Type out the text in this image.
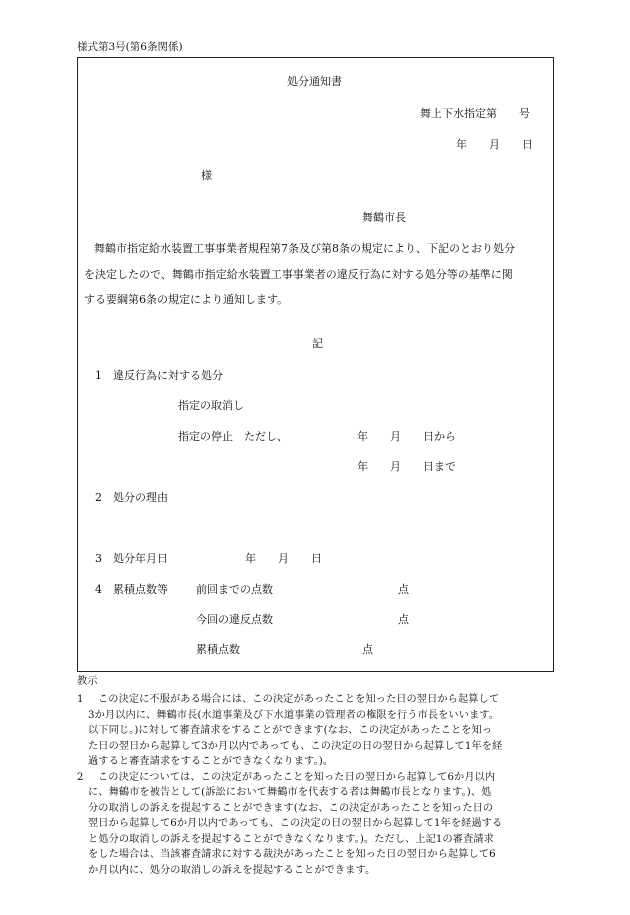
様式第3号(第6条関係)
処分通知書
舞上下水指定第　　号
年　　月　　日
様
舞鶴市長
舞鶴市指定給水装置工事事業者規程第7条及び第8条の規定により、下記のとおり処分
を決定したので、舞鶴市指定給水装置工事事業者の違反行為に対する処分等の基準に関
する要綱第6条の規定により通知します。
記
1 違反行為に対する処分
指定の取消し
指定の停止　ただし、	年　　月　　日から
年　　月　　日まで
2 処分の理由
3 処分年月日	年　　月　　日
4 累積点数等	前回までの点数	点
今回の違反点数	点
累積点数	点
教示
1 この決定に不服がある場合には、この決定があったことを知った日の翌日から起算して
3か月以内に、舞鶴市長(水道事業及び下水道事業の管理者の権限を行う市長をいいます。
以下同じ。)に対して審査請求をすることができます(なお、この決定があったことを知っ
た日の翌日から起算して3か月以内であっても、この決定の日の翌日から起算して1年を経
過すると審査請求をすることができなくなります。)。
2 この決定については、この決定があったことを知った日の翌日から起算して6か月以内
に、舞鶴市を被告として(訴訟において舞鶴市を代表する者は舞鶴市長となります。)、処
分の取消しの訴えを提起することができます(なお、この決定があったことを知った日の
翌日から起算して6か月以内であっても、この決定の日の翌日から起算して1年を経過する
と処分の取消しの訴えを提起することができなくなります。)。ただし、上記1の審査請求
をした場合は、当該審査請求に対する裁決があったことを知った日の翌日から起算して6
か月以内に、処分の取消しの訴えを提起することができます。
